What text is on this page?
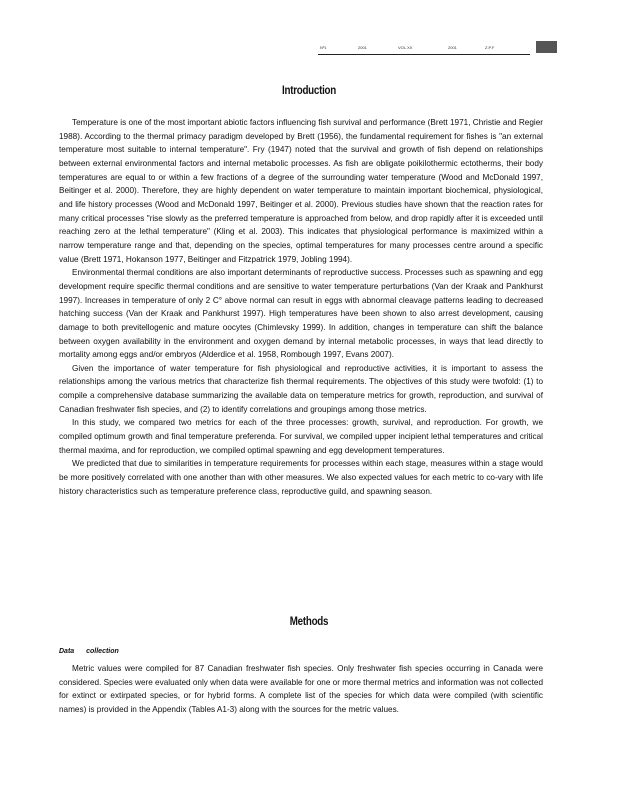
Nº1	2001	VOL.XX	2001	Z.P.F
Introduction

Temperature is one of the most important abiotic factors influencing fish survival and performance (Brett 1971, Christie and Regier 1988). According to the thermal primacy paradigm developed by Brett (1956), the fundamental requirement for fishes is "an external temperature most suitable to internal temperature". Fry (1947) noted that the survival and growth of fish depend on relationships between external environmental factors and internal metabolic processes. As fish are obligate poikilothermic ectotherms, their body temperatures are equal to or within a few fractions of a degree of the surrounding water temperature (Wood and McDonald 1997, Beitinger et al. 2000). Therefore, they are highly dependent on water temperature to maintain important biochemical, physiological, and life history processes (Wood and McDonald 1997, Beitinger et al. 2000). Previous studies have shown that the reaction rates for many critical processes "rise slowly as the preferred temperature is approached from below, and drop rapidly after it is exceeded until reaching zero at the lethal temperature" (Kling et al. 2003). This indicates that physiological performance is maximized within a narrow temperature range and that, depending on the species, optimal temperatures for many processes centre around a specific value (Brett 1971, Hokanson 1977, Beitinger and Fitzpatrick 1979, Jobling 1994).

Environmental thermal conditions are also important determinants of reproductive success. Processes such as spawning and egg development require specific thermal conditions and are sensitive to water temperature perturbations (Van der Kraak and Pankhurst 1997). Increases in temperature of only 2 C° above normal can result in eggs with abnormal cleavage patterns leading to decreased hatching success (Van der Kraak and Pankhurst 1997). High temperatures have been shown to also arrest development, causing damage to both previtellogenic and mature oocytes (Chimlevsky 1999). In addition, changes in temperature can shift the balance between oxygen availability in the environment and oxygen demand by internal metabolic processes, in ways that lead directly to mortality among eggs and/or embryos (Alderdice et al. 1958, Rombough 1997, Evans 2007).

Given the importance of water temperature for fish physiological and reproductive activities, it is important to assess the relationships among the various metrics that characterize fish thermal requirements. The objectives of this study were twofold: (1) to compile a comprehensive database summarizing the available data on temperature metrics for growth, reproduction, and survival of Canadian freshwater fish species, and (2) to identify correlations and groupings among those metrics.

In this study, we compared two metrics for each of the three processes: growth, survival, and reproduction. For growth, we compiled optimum growth and final temperature preferenda. For survival, we compiled upper incipient lethal temperatures and critical thermal maxima, and for reproduction, we compiled optimal spawning and egg development temperatures.

We predicted that due to similarities in temperature requirements for processes within each stage, measures within a stage would be more positively correlated with one another than with other measures. We also expected values for each metric to co-vary with life history characteristics such as temperature preference class, reproductive guild, and spawning season.

Methods

Data collection

Metric values were compiled for 87 Canadian freshwater fish species. Only freshwater fish species occurring in Canada were considered. Species were evaluated only when data were available for one or more thermal metrics and information was not collected for extinct or extirpated species, or for hybrid forms. A complete list of the species for which data were compiled (with scientific names) is provided in the Appendix (Tables A1-3) along with the sources for the metric values.
